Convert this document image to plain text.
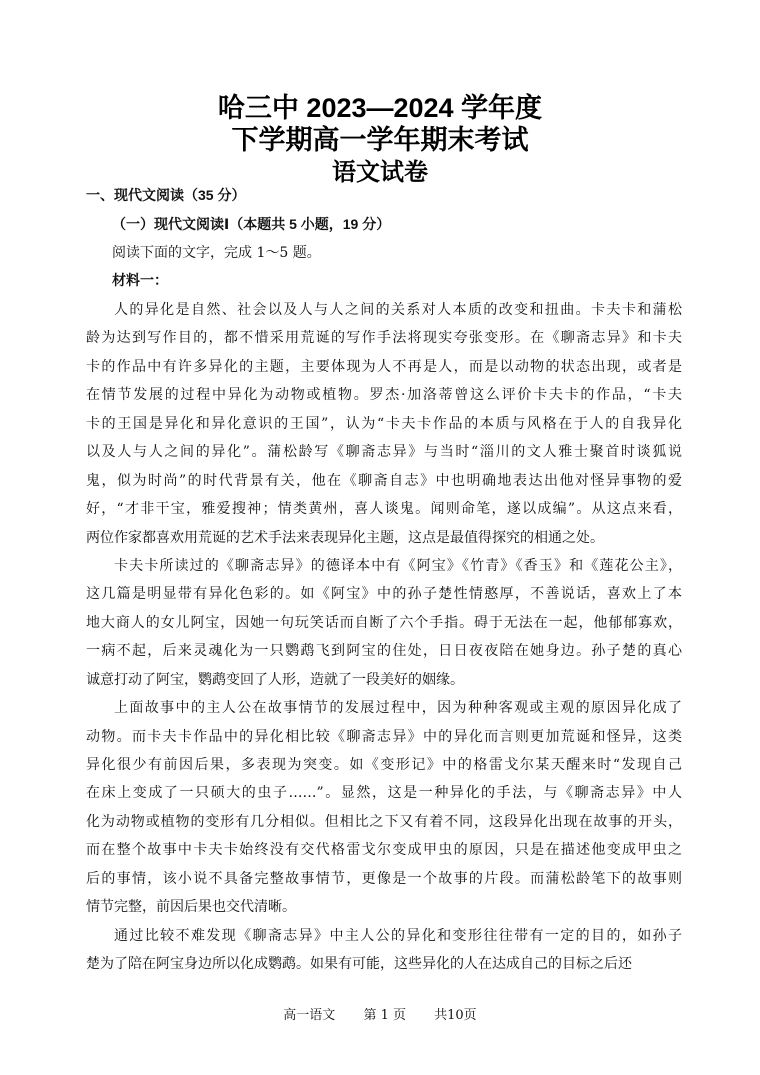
哈三中 2023—2024 学年度
下学期高一学年期末考试
语文试卷
一、现代文阅读（35 分）
（一）现代文阅读Ⅰ（本题共 5 小题，19 分）
阅读下面的文字，完成 1～5 题。
材料一：
人的异化是自然、社会以及人与人之间的关系对人本质的改变和扭曲。卡夫卡和蒲松
龄为达到写作目的，都不惜采用荒诞的写作手法将现实夸张变形。在《聊斋志异》和卡夫
卡的作品中有许多异化的主题，主要体现为人不再是人，而是以动物的状态出现，或者是
在情节发展的过程中异化为动物或植物。罗杰·加洛蒂曾这么评价卡夫卡的作品，“卡夫
卡的王国是异化和异化意识的王国”，认为“卡夫卡作品的本质与风格在于人的自我异化
以及人与人之间的异化”。蒲松龄写《聊斋志异》与当时“淄川的文人雅士聚首时谈狐说
鬼，似为时尚”的时代背景有关，他在《聊斋自志》中也明确地表达出他对怪异事物的爱
好，“才非干宝，雅爱搜神；情类黄州，喜人谈鬼。闻则命笔，遂以成编”。从这点来看，
两位作家都喜欢用荒诞的艺术手法来表现异化主题，这点是最值得探究的相通之处。
卡夫卡所读过的《聊斋志异》的德译本中有《阿宝》《竹青》《香玉》和《莲花公主》，
这几篇是明显带有异化色彩的。如《阿宝》中的孙子楚性情憨厚，不善说话，喜欢上了本
地大商人的女儿阿宝，因她一句玩笑话而自断了六个手指。碍于无法在一起，他郁郁寡欢，
一病不起，后来灵魂化为一只鹦鹉飞到阿宝的住处，日日夜夜陪在她身边。孙子楚的真心
诚意打动了阿宝，鹦鹉变回了人形，造就了一段美好的姻缘。
上面故事中的主人公在故事情节的发展过程中，因为种种客观或主观的原因异化成了
动物。而卡夫卡作品中的异化相比较《聊斋志异》中的异化而言则更加荒诞和怪异，这类
异化很少有前因后果，多表现为突变。如《变形记》中的格雷戈尔某天醒来时“发现自己
在床上变成了一只硕大的虫子……”。显然，这是一种异化的手法，与《聊斋志异》中人
化为动物或植物的变形有几分相似。但相比之下又有着不同，这段异化出现在故事的开头，
而在整个故事中卡夫卡始终没有交代格雷戈尔变成甲虫的原因，只是在描述他变成甲虫之
后的事情，该小说不具备完整故事情节，更像是一个故事的片段。而蒲松龄笔下的故事则
情节完整，前因后果也交代清晰。
通过比较不难发现《聊斋志异》中主人公的异化和变形往往带有一定的目的，如孙子
楚为了陪在阿宝身边所以化成鹦鹉。如果有可能，这些异化的人在达成自己的目标之后还
高一语文 第 1 页 共10页
